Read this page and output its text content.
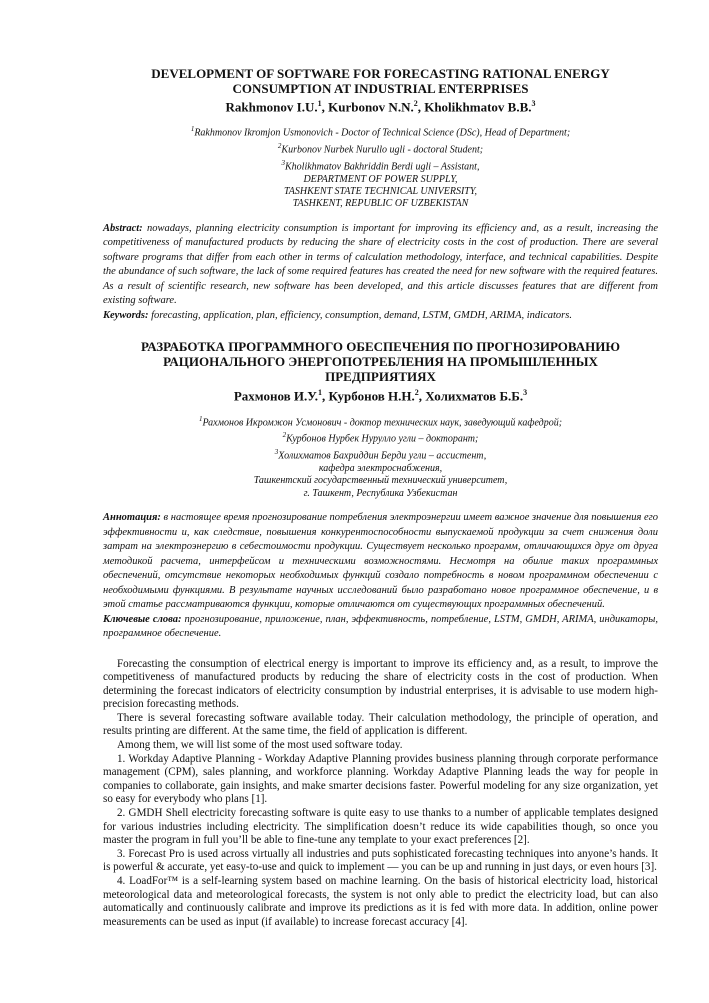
DEVELOPMENT OF SOFTWARE FOR FORECASTING RATIONAL ENERGY
CONSUMPTION AT INDUSTRIAL ENTERPRISES
Rakhmonov I.U.$^1$, Kurbonov N.N.$^2$, Kholikhmatov B.B.$^3$
$^1$Rakhmonov Ikromjon Usmonovich - Doctor of Technical Science (DSc), Head of Department;
$^2$Kurbonov Nurbek Nurullo ugli - doctoral Student;
$^3$Kholikhmatov Bakhriddin Berdi ugli – Assistant,
DEPARTMENT OF POWER SUPPLY,
TASHKENT STATE TECHNICAL UNIVERSITY,
TASHKENT, REPUBLIC OF UZBEKISTAN
Abstract: nowadays, planning electricity consumption is important for improving its efficiency and, as a result, increasing the competitiveness of manufactured products by reducing the share of electricity costs in the cost of production. There are several software programs that differ from each other in terms of calculation methodology, interface, and technical capabilities. Despite the abundance of such software, the lack of some required features has created the need for new software with the required features. As a result of scientific research, new software has been developed, and this article discusses features that are different from existing software.
Keywords: forecasting, application, plan, efficiency, consumption, demand, LSTM, GMDH, ARIMA, indicators.
РАЗРАБОТКА ПРОГРАММНОГО ОБЕСПЕЧЕНИЯ ПО ПРОГНОЗИРОВАНИЮ
РАЦИОНАЛЬНОГО ЭНЕРГОПОТРЕБЛЕНИЯ НА ПРОМЫШЛЕННЫХ
ПРЕДПРИЯТИЯХ
Рахмонов И.У.$^1$, Курбонов Н.Н.$^2$, Холихматов Б.Б.$^3$
$^1$Рахмонов Икромжон Усмонович - доктор технических наук, заведующий кафедрой;
$^2$Курбонов Нурбек Нурулло угли – докторант;
$^3$Холихматов Бахриддин Берди угли – ассистент,
кафедра электроснабжения,
Ташкентский государственный технический университет,
г. Ташкент, Республика Узбекистан
Аннотация: в настоящее время прогнозирование потребления электроэнергии имеет важное значение для повышения его эффективности и, как следствие, повышения конкурентоспособности выпускаемой продукции за счет снижения доли затрат на электроэнергию в себестоимости продукции. Существует несколько программ, отличающихся друг от друга методикой расчета, интерфейсом и техническими возможностями. Несмотря на обилие таких программных обеспечений, отсутствие некоторых необходимых функций создало потребность в новом программном обеспечении с необходимыми функциями. В результате научных исследований было разработано новое программное обеспечение, и в этой статье рассматриваются функции, которые отличаются от существующих программных обеспечений.
Ключевые слова: прогнозирование, приложение, план, эффективность, потребление, LSTM, GMDH, ARIMA, индикаторы, программное обеспечение.

Forecasting the consumption of electrical energy is important to improve its efficiency and, as a result, to improve the competitiveness of manufactured products by reducing the share of electricity costs in the cost of production. When determining the forecast indicators of electricity consumption by industrial enterprises, it is advisable to use modern high-precision forecasting methods.

There is several forecasting software available today. Their calculation methodology, the principle of operation, and results printing are different. At the same time, the field of application is different.

Among them, we will list some of the most used software today.

1. Workday Adaptive Planning - Workday Adaptive Planning provides business planning through corporate performance management (CPM), sales planning, and workforce planning. Workday Adaptive Planning leads the way for people in companies to collaborate, gain insights, and make smarter decisions faster. Powerful modeling for any size organization, yet so easy for everybody who plans [1].

2. GMDH Shell electricity forecasting software is quite easy to use thanks to a number of applicable templates designed for various industries including electricity. The simplification doesn’t reduce its wide capabilities though, so once you master the program in full you’ll be able to fine-tune any template to your exact preferences [2].

3. Forecast Pro is used across virtually all industries and puts sophisticated forecasting techniques into anyone’s hands. It is powerful & accurate, yet easy-to-use and quick to implement — you can be up and running in just days, or even hours [3].

4. LoadFor™ is a self-learning system based on machine learning. On the basis of historical electricity load, historical meteorological data and meteorological forecasts, the system is not only able to predict the electricity load, but can also automatically and continuously calibrate and improve its predictions as it is fed with more data. In addition, online power measurements can be used as input (if available) to increase forecast accuracy [4].
